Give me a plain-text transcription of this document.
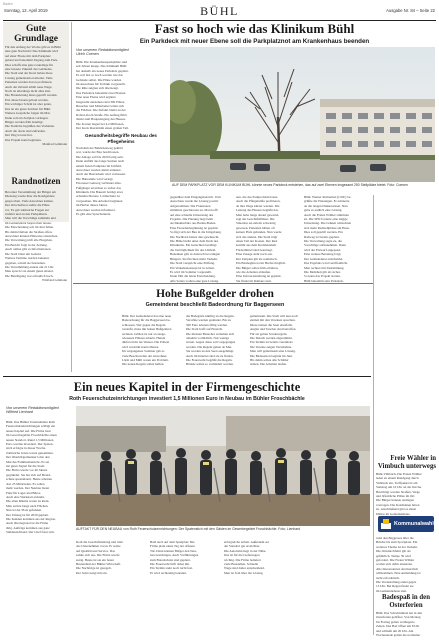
Baden
Sonntag, 12. April 2019	BÜHL	Ausgabe Nr. 84 – Seite 22
Gute Grundlage
Für den Anfang der Woche gibt es in Bühl
eine gute Nachricht: Das Klinikum wird
auf einer Ebene mit dem Parkplatz
gebaut und bekommt Zugang zum Park.
Dies schafft eine gute Grundlage für
eine bessere Zukunft des Gebäudes.
Die Stadt und der Kreis haben diese
Lösung gemeinsam erarbeitet. Viele
Patienten werden davon profitieren.
Auch der Ortsteil erhält neue Wege.
Noch ist allerdings nicht alles klar.
Die Finanzierung muss geprüft werden.
Erst danach kann gebaut werden.
Ein wichtiger Schritt ist aber getan.
Das ist ein gutes Zeichen für Bühl.
Weitere Gespräche folgen im Mai.
Dann soll ein Zeitplan vorliegen.
Bürger werden früh beteiligt.
Die Stadträte begrüßen das Vorhaben.
Auch die Ärzte sind zufrieden.
Der Weg ist nun frei.
Das Projekt kann beginnen.
Manfred Lehmann
Randnotizen
Bei einer Versammlung der Bürger am
Dienstag wurde über die Randgebiete
gesprochen. Viele Anwohner kamen.
Der Ortschaftsrat stellte die Pläne
vor. Es gab zahlreiche Fragen zur
Zufahrt und zu den Parkplätzen.
Man will die Vorschläge sammeln und
im Gemeinderat besprechen lassen.
Die Entscheidung soll im Juni fallen.
Bis dahin bleiben die Straßen offen.
Anwohner können Hinweise einreichen.
Die Verwaltung prüft alle Eingaben.
Ein Bericht folgt in der Zeitung.
Auch online gibt es Informationen.
Die Stadt bittet um Geduld.
Weitere Termine werden bekannt.
gegeben, sobald sie feststehen.
Die Versammlung endete um 21 Uhr.
Man sprach von einem guten Abend.
Die Beteiligung war erfreulich hoch.
Winfried Lehmann
Fast so hoch wie das Klinikum Bühl
Ein Parkdeck mit neuer Ebene soll die Parkplatznot am Krankenhaus beenden
Von unserem Redaktionsmitglied
Ulrich Coenen
Bühl. Die Krankenhausparkplätze sind
seit Jahren knapp. Das Klinikum Bühl
hat deshalb ein neues Parkdeck geplant.
Es soll fast so hoch werden wie das
Gebäude selbst. Die Pläne wurden
im Ausschuss für Technik vorgestellt.
Die Räte zeigten sich überzeugt.
Das Parkdeck bekommt zwei Ebenen.
Eine neue Ebene wird ergänzt.
Insgesamt entstehen rund 300 Plätze.
Besucher und Mitarbeiter teilen sich
die Flächen. Die Zufahrt bleibt an der
Robert-Koch-Straße. Ein Aufzug führt
direkt zum Haupteingang des Hauses.
Die Kosten liegen bei 4,2 Millionen.
Der Kreis übernimmt einen großen Teil.
Gesundheitsbegriffe Neubau des Pflegeheims
Nachdem der Behördenweg geklärt
war, wurde der Bau beschlossen.
Die Anlage soll bis 2020 fertig sein.
Dann entfällt das lange Suchen nach
einem freien Parkplatz im Umfeld.
Anwohner werden damit entlastet.
Auch der Busverkehr wird verbessert.
Die Haltestelle wird verlegt.
Ein neuer Gehweg verbindet alles.
Fußgänger erreichen so sicher das
Klinikum. Die Bauzeit beträgt etwa
achtzehn Monate. Lärmschutz ist
vorgesehen. Die Arbeiten beginnen
im Herbst dieses Jahres.
Anwohner werden informiert.
Es gibt eine Sprechstunde.
AUF DEM PARKPLATZ VOR DEM KLINIKUM BÜHL könnte neues Parkdeck entstehen, das auf zwei Ebenen insgesamt 250 Stellplätze bietet. Foto: Coenen
gegenüber dem Eingangsbereich. Vom
Ausschuss wurde die Lösung positiv
aufgenommen. Die Fraktionen
stimmten geschlossen zu. Man hofft
auf eine schnelle Umsetzung des
Projekts. Die Planung liegt beim
Architekturbüro aus Baden-Baden.
Eine Fassadenbegrünung ist geplant.
So fügt sich der Bau in die Umgebung.
Die Nachbarn hatten dies gewünscht.
Die Höhe bleibt unter dem Dach des
Klinikums. Ein Gutachten bestätigt
die Verträglichkeit für das Umfeld.
Bedenken gibt es dennoch bei einigen
Bürgern. Sie fürchten mehr Verkehr.
Die Stadt verspricht eine Prüfung.
Ein Verkehrskonzept ist in Arbeit.
Es wird im Sommer vorgestellt.
Dann fällt die letzte Entscheidung.
Alle Seiten wollen eine gute Lösung.
nen, die das Parkproblem lösen.
Auch die Pflegekräfte profitieren,
da ihre Wege kürzer werden. Die
Leitung des Hauses begrüßt das.
Man habe lange darauf gewartet,
sagt der Geschäftsführer. Die
Situation sei zuletzt schwierig
gewesen. Patienten hätten oft
keinen Platz gefunden. Nun werde
sich das ändern. Die Stadt trägt
einen Teil der Kosten. Der Rest
kommt aus dem Kreishaushalt.
Fördermittel sind beantragt.
Eine Zusage steht noch aus.
Der Zeitplan gilt als realistisch.
Ein Baubeginn ist im Herbst möglich.
Die Bürger sollen früh erfahren,
wie die Arbeiten ablaufen.
Eine Infoveranstaltung ist geplant.
Sie findet im Rathaus statt.
Bühl. Werner Rothermel (CDU) be-
grüßte die Planungen. Er erinnerte
an die langen Diskussionen. Nun
gebe es endlich eine Lösung.
Auch die Freien Wähler stimmten
zu. Die SPD forderte eine zügige
Umsetzung. Die Grünen wünschten
sich mehr Radstellplätze am Haus.
Dies soll geprüft werden. Ein
Radweg ist bereits geplant.
Die Verwaltung sagte zu, die
Vorschläge aufzunehmen. Dann
wird der Entwurf angepasst.
Eine weitere Beratung folgt.
Der Gemeinderat entscheidet.
Das Ergebnis wird veröffentlicht.
Man rechnet mit Zustimmung.
Die Mehrheit gilt als sicher.
So kann das Projekt starten.
Bühl bekommt sein Parkdeck.
Hohe Bußgelder drohen
Gemeinderat beschließt Badeordnung für Baggerseen
Bühl. Der Gemeinderat hat eine neue
Badeordnung für die Baggerseen be-
schlossen. Wer gegen die Regeln
verstößt, muss mit hohen Bußgeldern
rechnen. Grillen ist nur an ausge-
wiesenen Plätzen erlaubt. Hunde
dürfen nicht ins Wasser. Die Polizei
wird verstärkt kontrollieren.
Im vergangenen Sommer gab es
viele Beschwerden der Anwohner.
Lärm und Müll waren ein Problem.
Die neuen Regeln sollen helfen.
die Badegäste künftig an die Regeln.
Verstöße werden geahndet. Bis zu
500 Euro können fällig werden.
Die Stadt hofft auf Einsicht.
Die meisten Besucher verhalten sich
ohnehin vorbildlich. Nur wenige
stören. Gegen diese soll vorgegangen
werden. Die Regeln gelten ab Mai.
Sie werden an den Seen ausgehängt.
Auch im Internet sind sie zu finden.
Die Feuerwehr begrüßt die Regeln.
Brände sollen so verhindert werden.
gemeinsam. Die Stadt will nun noch
einmal mit den Vereinen sprechen.
Diese nutzen die Seen ebenfalls.
Angler und Taucher sind betroffen.
Für sie gelten Sonderregeln.
Die Details werden abgestimmt.
Ein Termin ist bereits vereinbart.
Die Vereine zeigen Verständnis.
Man will gemeinsam eine Lösung.
Die Badesaison beginnt im Juni.
Bis dahin sollen alle Schilder
stehen. Die Arbeiten laufen.
Ein neues Kapitel in der Firmengeschichte
Roth Feuerschutzeinrichtungen investiert 1,5 Millionen Euro in Neubau im Bühler Froschbächle
Von unserem Redaktionsmitglied
Wilfried Lienhard
Bühl. Das Bühler Unternehmen Roth
Feuerschutzeinrichtungen schlägt ein
neues Kapitel auf. Die Firma baut
im Gewerbegebiet Froschbächle einen
neuen Standort. Rund 1,5 Millionen
Euro werden investiert. Der Spaten-
stich erfolgte in dieser Woche.
Zahlreiche Gäste waren gekommen.
Der Oberbürgermeister lobte den
Mut des Familienbetriebs. Es sei
ein gutes Signal für die Stadt.
Die Firma wurde vor 40 Jahren
gegründet. Sie hat sich auf Brand-
schutz spezialisiert. Heute arbeiten
dort 25 Mitarbeiter. Es sollen
mehr werden. Der Neubau bietet
Platz für Lager und Büros.
Auch eine Werkstatt entsteht.
Die alten Räume waren zu klein.
Man suchte lange nach Flächen.
Nun ist der Platz gefunden.
Der Umzug ist für 2020 geplant.
Die Kunden kommen aus der Region.
Auch überregional ist die Firma
tätig. Aufträge kommen aus ganz
Süddeutschland. Der Chef freut sich.
AUFTAKT FÜR DEN NEUBAU von Roth Feuerschutzeinrichtungen: Der Spatenstich mit den Gästen im Gewerbegebiet Froschbächle. Foto: Lienhard
Roth die Geschäftsleitung und trieb
das Unternehmen voran. Er setzte
auf Qualität und Service. Das
zahlte sich aus. Die Firma wuchs
stetig. Heute ist sie ein fester
Bestandteil der Bühler Wirtschaft.
Die Nachfolge ist geregelt.
Der Sohn steigt mit ein.
Bald auch auf dem Spielplan: Die
Firma plant einen Tag der offenen
Tür. Dann können Bürger den Neu-
bau besichtigen. Auch Vorführungen
zum Brandschutz sind geplant.
Die Feuerwehr hilft dabei mit.
Ein Termin steht noch nicht fest.
Er wird rechtzeitig bekannt.
erfolgreiche Arbeit. Außerdem sei
der Standort gut erreichbar.
Die Autobahn liegt in der Nähe.
Das ist für die Lieferungen
wichtig. Die Firma beliefert
viele Baustellen. Schnelle
Wege sind daher entscheidend.
Man ist froh über die Lösung.
Freie Wähler in Vimbuch unterwegs
Bühl-Vimbuch. Die Freien Wähler
laden zu einem Rundgang durch
Vimbuch ein. Treffpunkt ist am
Samstag um 10 Uhr an der Kirche.
Besichtigt werden Straßen, Wege
und öffentliche Plätze im Ort.
Die Bürger können Anliegen
vortragen. Die Kandidaten hören
zu. Anschließend gibt es einen
Imbiss im Gemeindehaus.
Kommunalwahl
rund den Baggersee über die
Brücke bis zum Sportplatz. Ein
weiteres Thema ist der Verkehr.
Die Ortsdurchfahrt gilt als
gefährlich. Tempo 30 wird
gefordert. Die Freien Wähler
wollen sich dafür einsetzen.
Alle Interessierten sind herzlich
willkommen. Eine Anmeldung ist
nicht erforderlich.
Die Veranstaltung endet gegen
13 Uhr. Bei Regen findet sie
im Gemeindehaus statt.
Badespaß in den Osterferien
Bühl. Das Schwimmbad hat in den
Osterferien geöffnet. Von Montag
bis Freitag gelten verlängerte
Zeiten. Das Bad öffnet um 8 Uhr
und schließt um 20 Uhr. Am
Wochenende gelten die normalen
